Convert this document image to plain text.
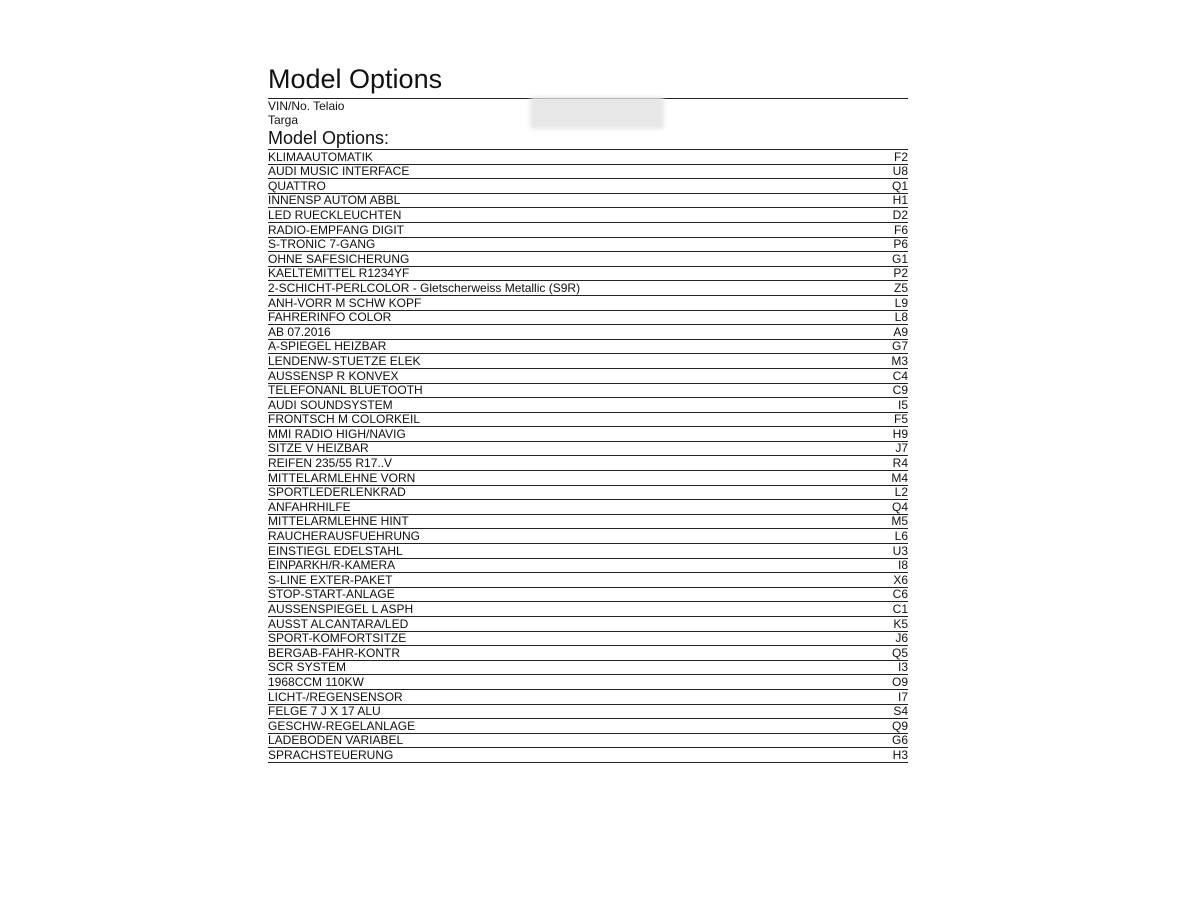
Model Options
VIN/No. Telaio
Targa
Model Options:
KLIMAAUTOMATIK	F2
AUDI MUSIC INTERFACE	U8
QUATTRO	Q1
INNENSP AUTOM ABBL	H1
LED RUECKLEUCHTEN	D2
RADIO-EMPFANG DIGIT	F6
S-TRONIC 7-GANG	P6
OHNE SAFESICHERUNG	G1
KAELTEMITTEL R1234YF	P2
2-SCHICHT-PERLCOLOR - Gletscherweiss Metallic (S9R)	Z5
ANH-VORR M SCHW KOPF	L9
FAHRERINFO COLOR	L8
AB 07.2016	A9
A-SPIEGEL HEIZBAR	G7
LENDENW-STUETZE ELEK	M3
AUSSENSP R KONVEX	C4
TELEFONANL BLUETOOTH	C9
AUDI SOUNDSYSTEM	I5
FRONTSCH M COLORKEIL	F5
MMI RADIO HIGH/NAVIG	H9
SITZE V HEIZBAR	J7
REIFEN 235/55 R17..V	R4
MITTELARMLEHNE VORN	M4
SPORTLEDERLENKRAD	L2
ANFAHRHILFE	Q4
MITTELARMLEHNE HINT	M5
RAUCHERAUSFUEHRUNG	L6
EINSTIEGL EDELSTAHL	U3
EINPARKH/R-KAMERA	I8
S-LINE EXTER-PAKET	X6
STOP-START-ANLAGE	C6
AUSSENSPIEGEL L ASPH	C1
AUSST ALCANTARA/LED	K5
SPORT-KOMFORTSITZE	J6
BERGAB-FAHR-KONTR	Q5
SCR SYSTEM	I3
1968CCM 110KW	O9
LICHT-/REGENSENSOR	I7
FELGE 7 J X 17 ALU	S4
GESCHW-REGELANLAGE	Q9
LADEBODEN VARIABEL	G6
SPRACHSTEUERUNG	H3
